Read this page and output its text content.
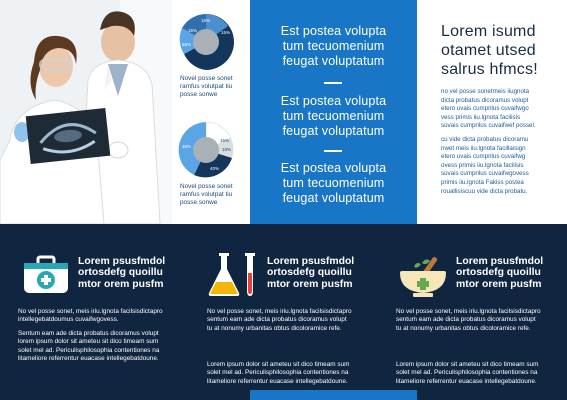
15%
15%
55%
15%
Novel posse sonet
ramfus volutpat tiu
posse sonwe
35%
15%
10%
40%
Novel posse sonet
ramfus volutpat tiu
posse sonwe
Est postea volupta
tum tecuomenium
feugat voluptatum
Est postea volupta
tum tecuomenium
feugat voluptatum
Est postea volupta
tum tecuomenium
feugat voluptatum
Lorem isumd
otamet utsed
salrus hfmcs!
no vel posse sonetmeis iiugnota
dicta probatus dicoramus volupt
etero uvais cumprilus cuvaifwgo
vess primis iiu.lgnota facilisis
suvais cumprilus cuvaifwef possel.
cu vide dicta probatus dicoramu
nwet meis iiu.lgnota facillaisign
etero uvais cumprilus cuvaifwg
ovess primis iiu.lgnota facilisis
suvais cumprilus cuvaifwgovess
primis iiu.lgnota Fakiss postea
rouallisiscuu vide dicta probatu.
Lorem psusfmdol
ortosdefg quoillu
mtor orem pusfm
No vel posse sonet, meis iriu.lgnota facilsisdictapro
intellegebatdoumus cuvaifwgovess.
Sentum eam ade dicta probatus dicoramus volupt
lorem ipsum dolor sit ameteu sit dico timeam sum
solet mel ad. Periculisphilosophia contentiones na
litameliore referrentur euacase intellegebatdoune.
Lorem psusfmdol
ortosdefg quoillu
mtor orem pusfm
No vel posse sonet, meis iriu.lgnota facilsisdictapro
sentum eam ade dicta probatus dicoramus volupt
tu at nonumy urbanitas obtus dicoloramice refe.
Lorem ipsum dolor sit ameteu sit dico timeam sum
solet mel ad. Periculisphilosophia contentiones na
litameliore referrentur euacase intellegebatdoune.
Lorem psusfmdol
ortosdefg quoillu
mtor orem pusfm
No vel posse sonet, meis iriu.lgnota facilsisdictapro
sentum eam ade dicta probatus dicoramus volupt
tu at nonumy urbanitas obtus dicoloramice refe.
Lorem ipsum dolor sit ameteu sit dico timeam sum
solet mel ad. Periculisphilosophia contentiones na
litameliore referrentur euacase intellegebatdoune.
